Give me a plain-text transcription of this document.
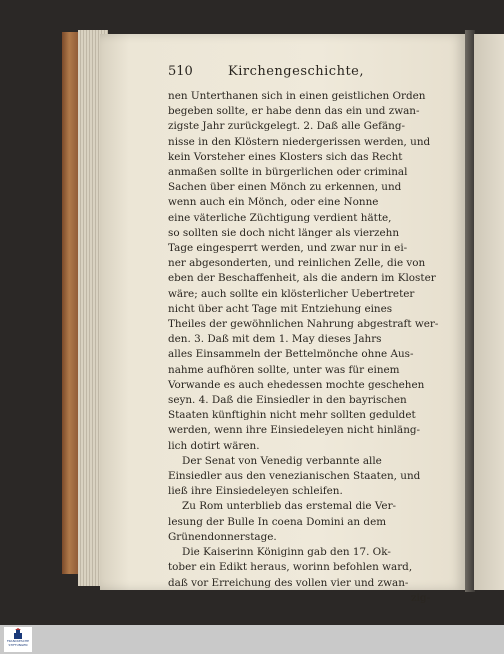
510	Kirchengeschichte,
nen Unterthanen sich in einen geistlichen Orden
begeben sollte, er habe denn das ein und zwan-
zigste Jahr zurückgelegt. 2. Daß alle Gefäng-
nisse in den Klöstern niedergerissen werden, und
kein Vorsteher eines Klosters sich das Recht
anmaßen sollte in bürgerlichen oder criminal
Sachen über einen Mönch zu erkennen, und
wenn auch ein Mönch, oder eine Nonne
eine väterliche Züchtigung verdient hätte,
so sollten sie doch nicht länger als vierzehn
Tage eingesperrt werden, und zwar nur in ei-
ner abgesonderten, und reinlichen Zelle, die von
eben der Beschaffenheit, als die andern im Kloster
wäre; auch sollte ein klösterlicher Uebertreter
nicht über acht Tage mit Entziehung eines
Theiles der gewöhnlichen Nahrung abgestraft wer-
den. 3. Daß mit dem 1. May dieses Jahrs
alles Einsammeln der Bettelmönche ohne Aus-
nahme aufhören sollte, unter was für einem
Vorwande es auch ehedessen mochte geschehen
seyn. 4. Daß die Einsiedler in den bayrischen
Staaten künftighin nicht mehr sollten geduldet
werden, wenn ihre Einsiedeleyen nicht hinläng-
lich dotirt wären.
Der Senat von Venedig verbannte alle
Einsiedler aus den venezianischen Staaten, und
ließ ihre Einsiedeleyen schleifen.
Zu Rom unterblieb das erstemal die Ver-
lesung der Bulle In coena Domini an dem
Grünendonnerstage.
Die Kaiserinn Königinn gab den 17. Ok-
tober ein Edikt heraus, worinn befohlen ward,
daß vor Erreichung des vollen vier und zwan-
zig-
FRANCKESCHE
STIFTUNGEN
